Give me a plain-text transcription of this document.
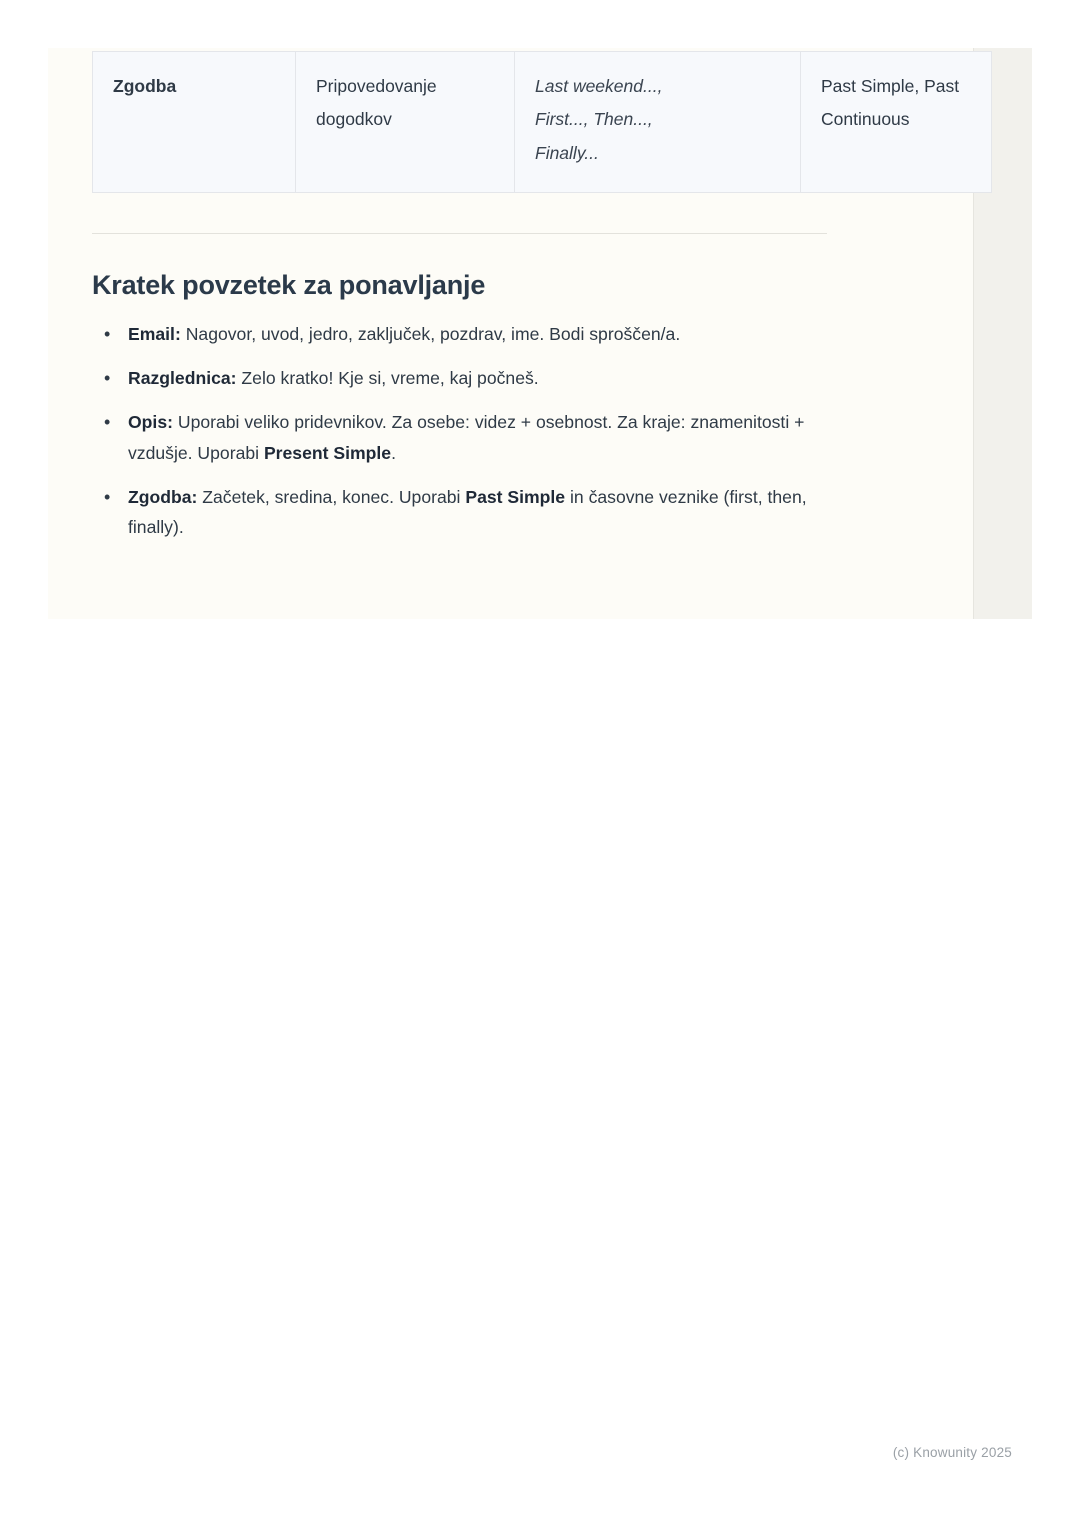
Zgodba	Pripovedovanje dogodkov	Last weekend...,
First..., Then...,
Finally...	Past Simple, Past Continuous
Kratek povzetek za ponavljanje
• Email: Nagovor, uvod, jedro, zaključek, pozdrav, ime. Bodi sproščen/a.
• Razglednica: Zelo kratko! Kje si, vreme, kaj počneš.
• Opis: Uporabi veliko pridevnikov. Za osebe: videz + osebnost. Za kraje: znamenitosti + vzdušje. Uporabi Present Simple.
• Zgodba: Začetek, sredina, konec. Uporabi Past Simple in časovne veznike (first, then, finally).
(c) Knowunity 2025
